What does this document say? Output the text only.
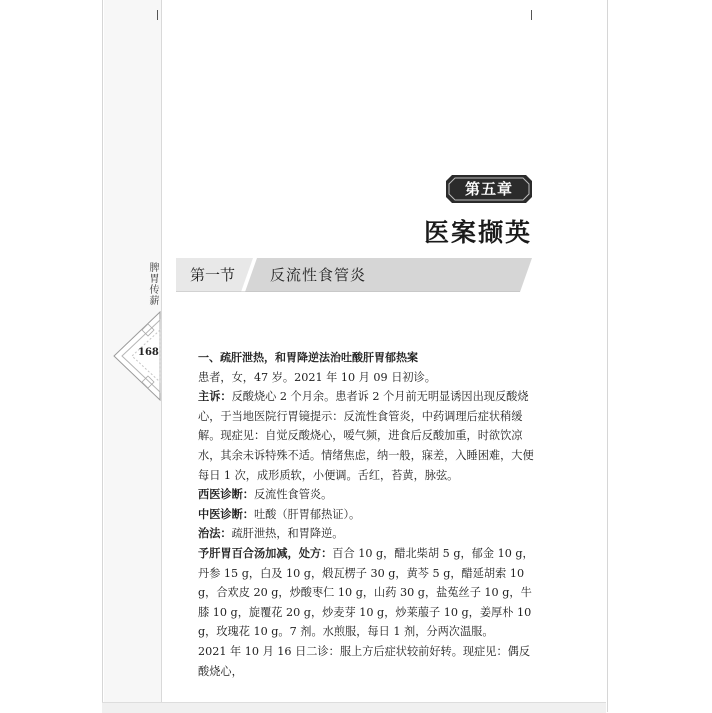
脾胃传薪
168
第五章
医案撷英
第一节 反流性食管炎

一、疏肝泄热，和胃降逆法治吐酸肝胃郁热案

患者，女，47 岁。2021 年 10 月 09 日初诊。

主诉：反酸烧心 2 个月余。患者诉 2 个月前无明显诱因出现反酸烧心，于当地医院行胃镜提示：反流性食管炎，中药调理后症状稍缓解。现症见：自觉反酸烧心，嗳气频，进食后反酸加重，时欲饮凉水，其余未诉特殊不适。情绪焦虑，纳一般，寐差，入睡困难，大便每日 1 次，成形质软，小便调。舌红，苔黄，脉弦。

西医诊断：反流性食管炎。

中医诊断：吐酸（肝胃郁热证）。

治法：疏肝泄热，和胃降逆。

予肝胃百合汤加减，处方：百合 10 g，醋北柴胡 5 g，郁金 10 g，丹参 15 g，白及 10 g，煅瓦楞子 30 g，黄芩 5 g，醋延胡索 10 g，合欢皮 20 g，炒酸枣仁 10 g，山药 30 g，盐菟丝子 10 g，牛膝 10 g，旋覆花 20 g，炒麦芽 10 g，炒莱菔子 10 g，姜厚朴 10 g，玫瑰花 10 g。7 剂。水煎服，每日 1 剂，分两次温服。

2021 年 10 月 16 日二诊：服上方后症状较前好转。现症见：偶反酸烧心，
